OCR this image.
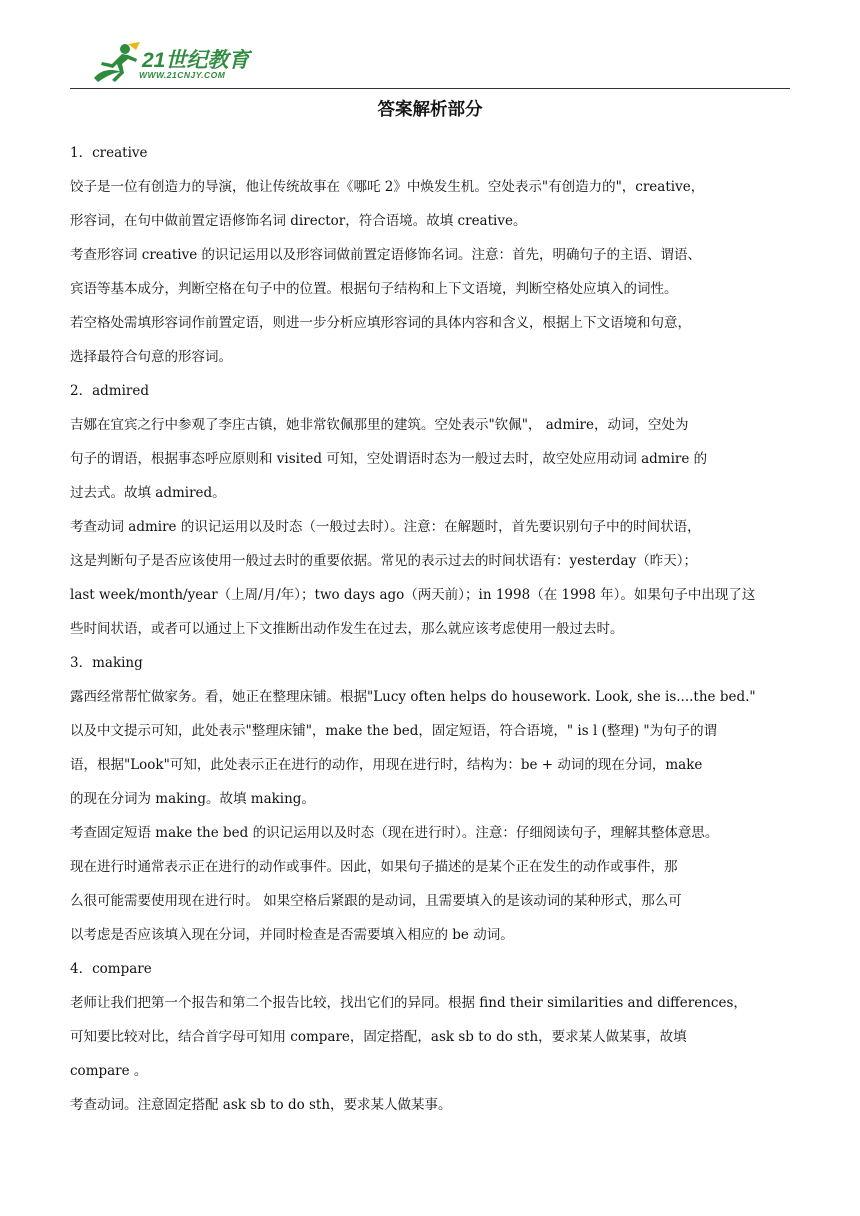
21世纪教育
WWW.21CNJY.COM
答案解析部分
1．creative
饺子是一位有创造力的导演，他让传统故事在《哪吒 2》中焕发生机。空处表示"有创造力的"，creative，
形容词，在句中做前置定语修饰名词 director，符合语境。故填 creative。
考查形容词 creative 的识记运用以及形容词做前置定语修饰名词。注意：首先，明确句子的主语、谓语、
宾语等基本成分，判断空格在句子中的位置。根据句子结构和上下文语境，判断空格处应填入的词性。
若空格处需填形容词作前置定语，则进一步分析应填形容词的具体内容和含义，根据上下文语境和句意，
选择最符合句意的形容词。
2．admired
吉娜在宜宾之行中参观了李庄古镇，她非常钦佩那里的建筑。空处表示"钦佩"， admire，动词，空处为
句子的谓语，根据事态呼应原则和 visited 可知，空处谓语时态为一般过去时，故空处应用动词 admire 的
过去式。故填 admired。
考查动词 admire 的识记运用以及时态（一般过去时）。注意：在解题时，首先要识别句子中的时间状语，
这是判断句子是否应该使用一般过去时的重要依据。常见的表示过去的时间状语有：yesterday（昨天）；
last week/month/year（上周/月/年）；two days ago（两天前）；in 1998（在 1998 年）。如果句子中出现了这
些时间状语，或者可以通过上下文推断出动作发生在过去，那么就应该考虑使用一般过去时。
3．making
露西经常帮忙做家务。看，她正在整理床铺。根据"Lucy often helps do housework. Look, she is....the bed."
以及中文提示可知，此处表示"整理床铺"，make the bed，固定短语，符合语境，" is l (整理) "为句子的谓
语，根据"Look"可知，此处表示正在进行的动作，用现在进行时，结构为：be + 动词的现在分词，make
的现在分词为 making。故填 making。
考查固定短语 make the bed 的识记运用以及时态（现在进行时）。注意：仔细阅读句子，理解其整体意思。
现在进行时通常表示正在进行的动作或事件。因此，如果句子描述的是某个正在发生的动作或事件，那
么很可能需要使用现在进行时。 如果空格后紧跟的是动词，且需要填入的是该动词的某种形式，那么可
以考虑是否应该填入现在分词，并同时检查是否需要填入相应的 be 动词。
4．compare
老师让我们把第一个报告和第二个报告比较，找出它们的异同。根据 find their similarities and differences，
可知要比较对比，结合首字母可知用 compare，固定搭配，ask sb to do sth，要求某人做某事，故填
compare 。
考查动词。注意固定搭配 ask sb to do sth，要求某人做某事。
